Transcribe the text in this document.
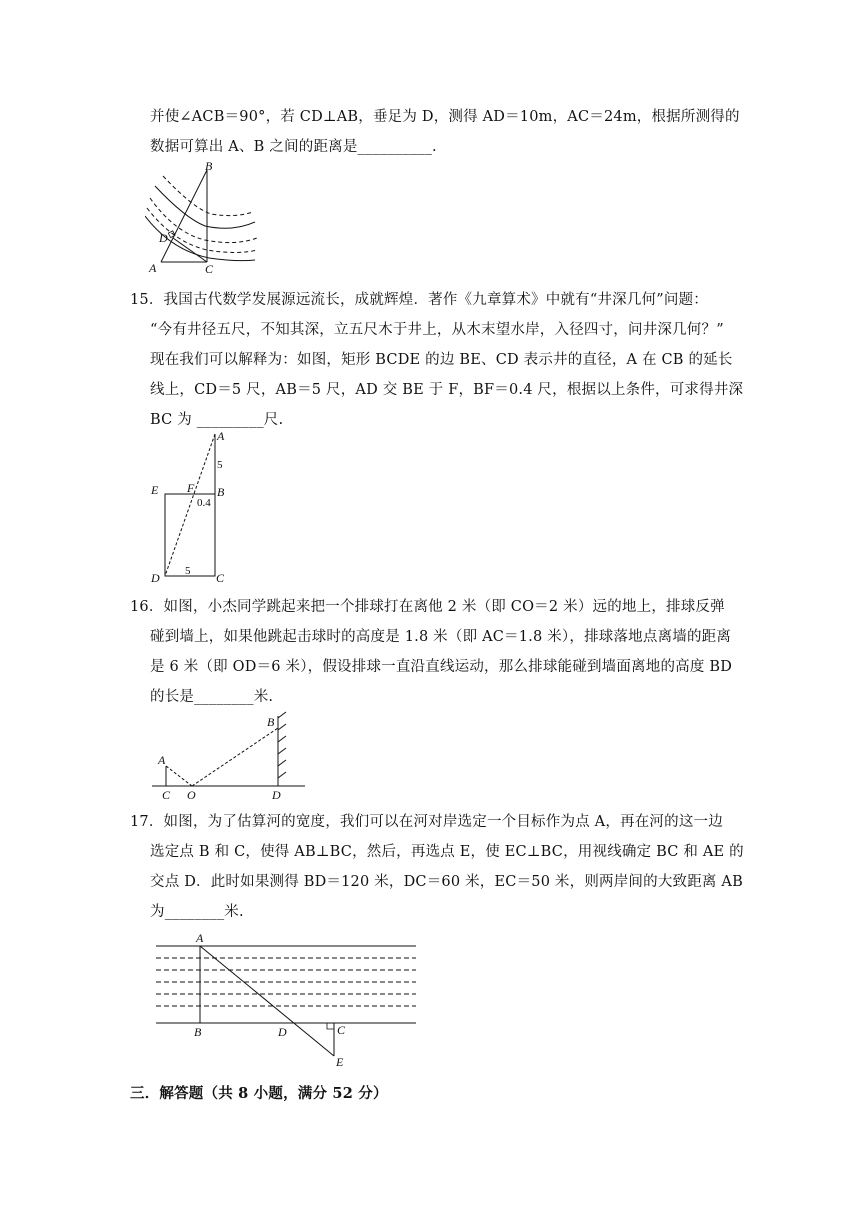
并使∠ACB＝90°，若 CD⊥AB，垂足为 D，测得 AD＝10m，AC＝24m，根据所测得的
数据可算出 A、B 之间的距离是__________.
B
D
A	C
15．我国古代数学发展源远流长，成就辉煌．著作《九章算术》中就有“井深几何”问题：
“今有井径五尺，不知其深，立五尺木于井上，从木末望水岸，入径四寸，问井深几何？”
现在我们可以解释为：如图，矩形 BCDE 的边 BE、CD 表示井的直径，A 在 CB 的延长
线上，CD＝5 尺，AB＝5 尺，AD 交 BE 于 F，BF＝0.4 尺，根据以上条件，可求得井深
BC 为 _________尺.
A
5
E F B
0.4
D 5 C
16．如图，小杰同学跳起来把一个排球打在离他 2 米（即 CO＝2 米）远的地上，排球反弹
碰到墙上，如果他跳起击球时的高度是 1.8 米（即 AC＝1.8 米），排球落地点离墙的距离
是 6 米（即 OD＝6 米），假设排球一直沿直线运动，那么排球能碰到墙面离地的高度 BD
的长是________米.
B
A
C O	D
17．如图，为了估算河的宽度，我们可以在河对岸选定一个目标作为点 A，再在河的这一边
选定点 B 和 C，使得 AB⊥BC，然后，再选点 E，使 EC⊥BC，用视线确定 BC 和 AE 的
交点 D．此时如果测得 BD＝120 米，DC＝60 米，EC＝50 米，则两岸间的大致距离 AB
为________米.
A
B	D	C
E
三．解答题（共 8 小题，满分 52 分）
